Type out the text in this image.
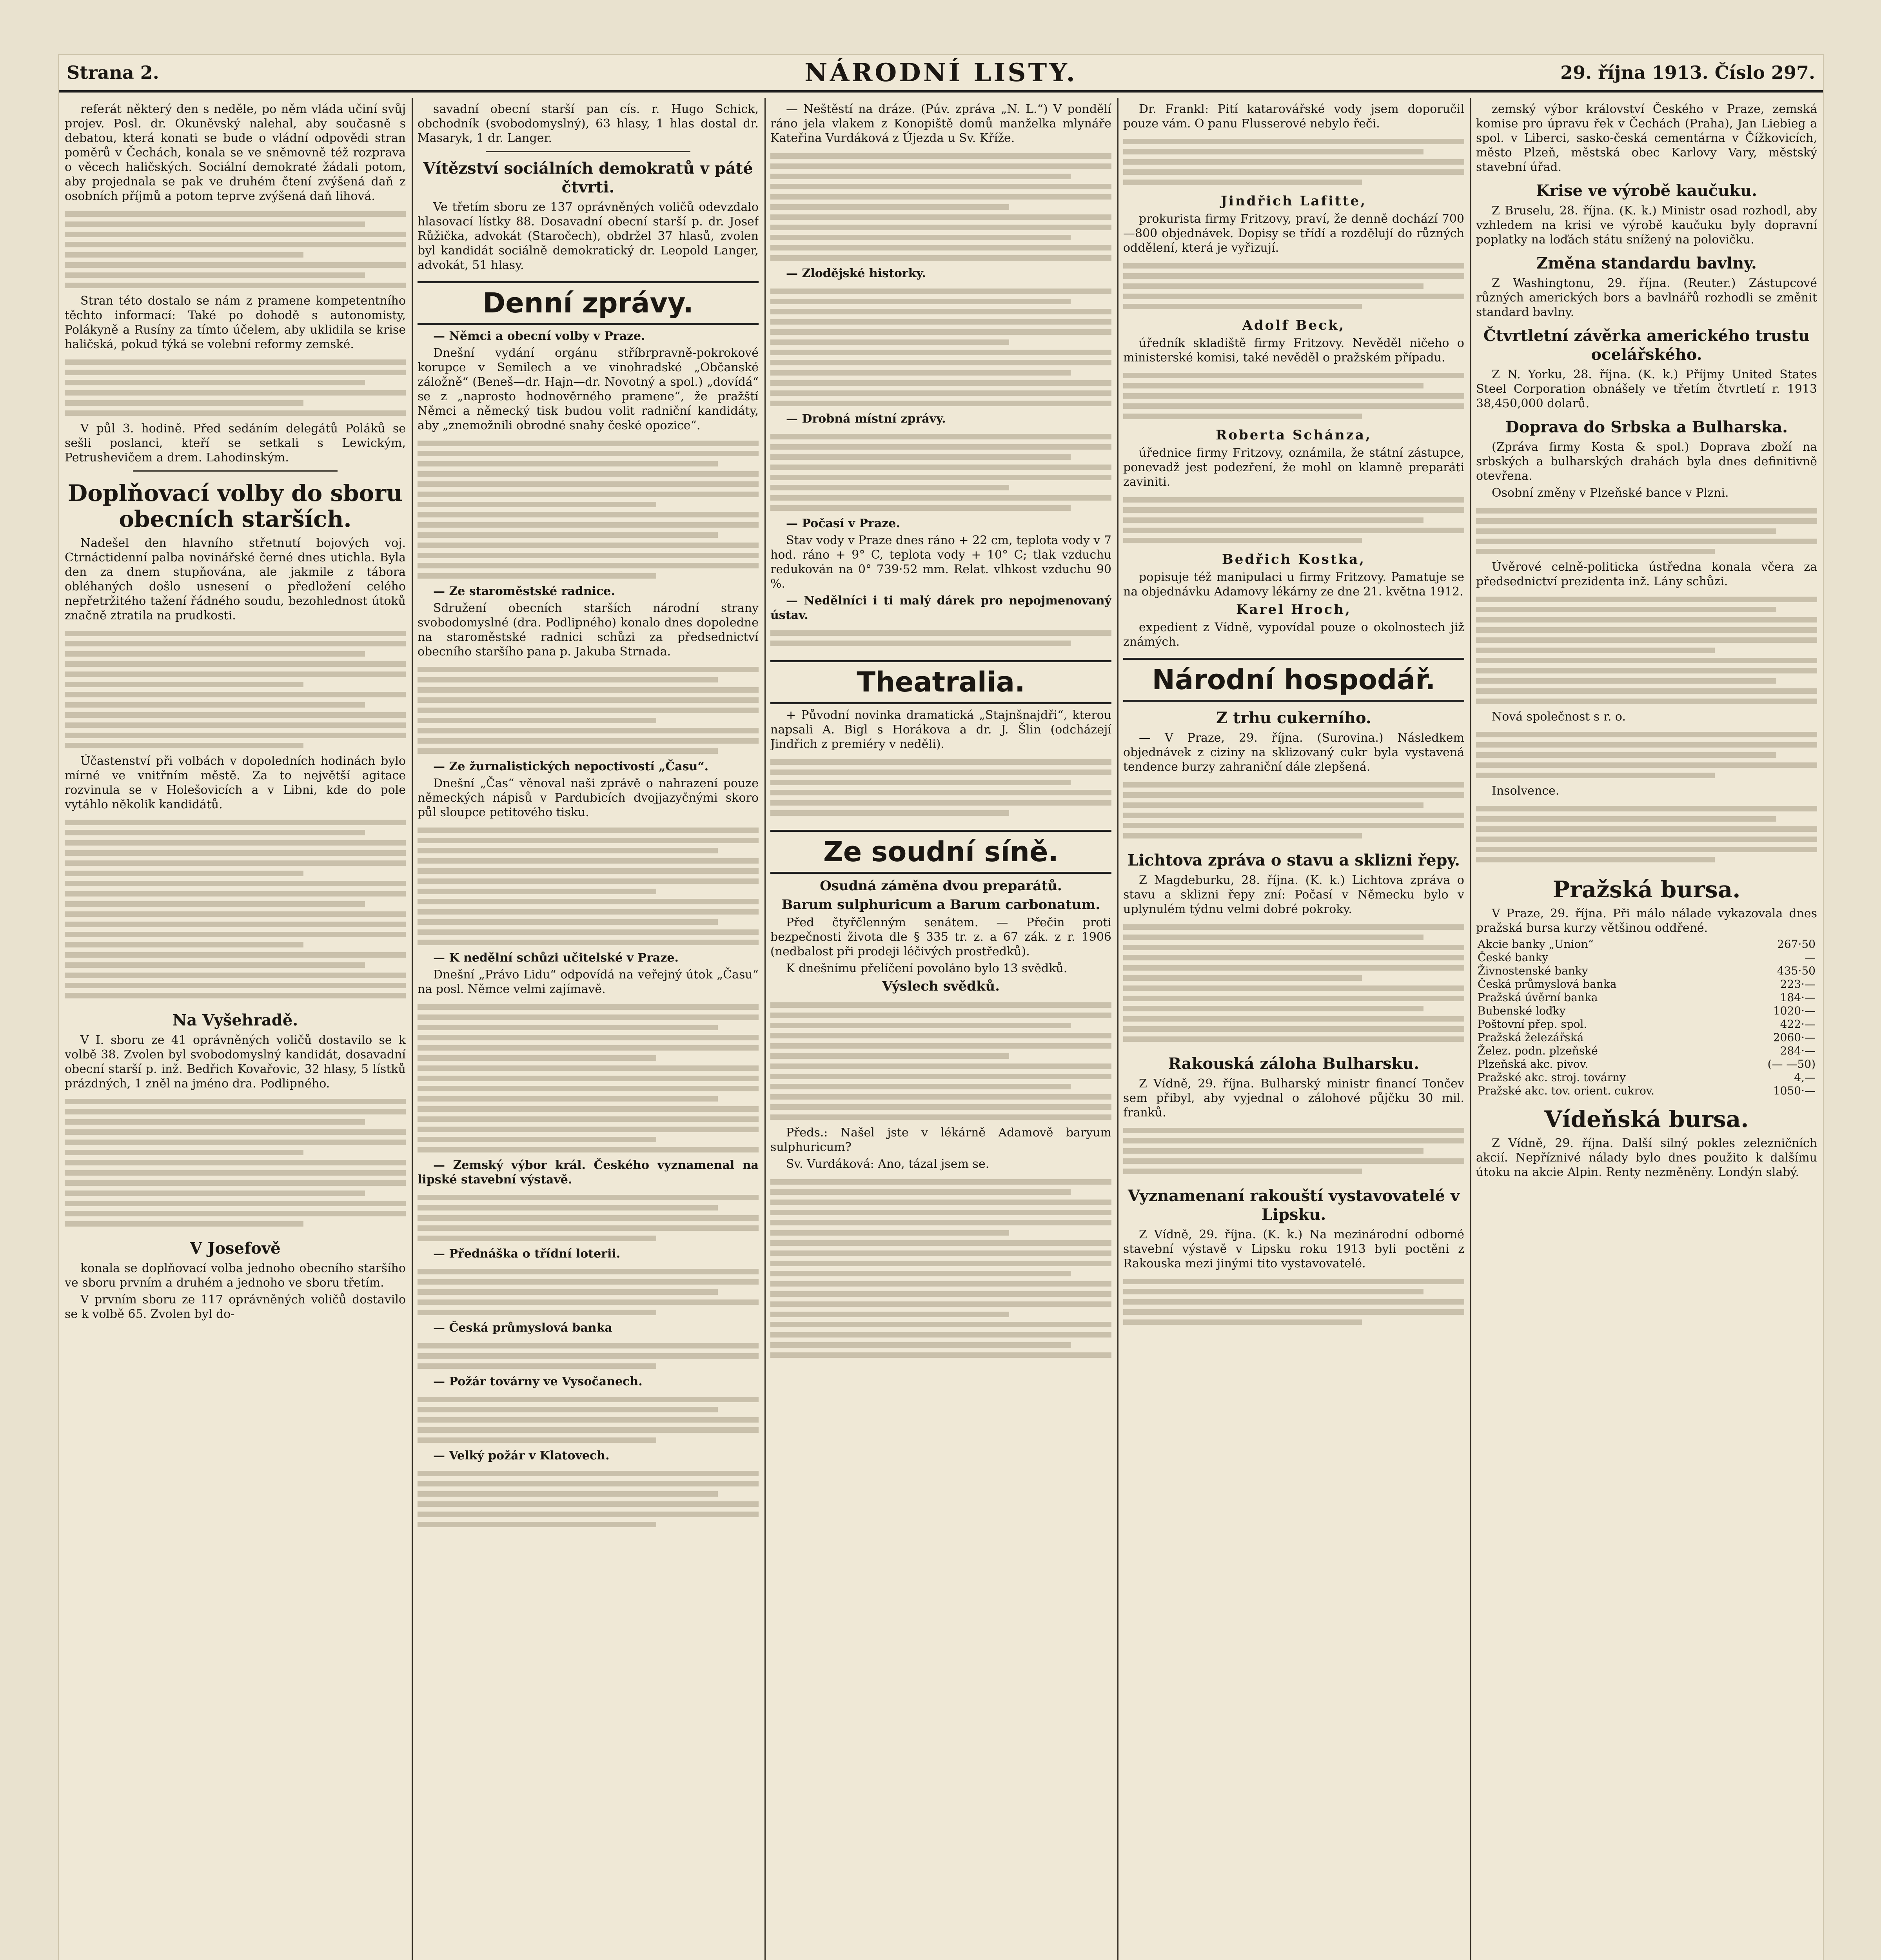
Strana 2.	NÁRODNÍ LISTY.	29. října 1913. Číslo 297.

referát některý den s neděle, po něm vláda učiní svůj projev. Posl. dr. Okuněvský nalehal, aby současně s debatou, která konati se bude o vládní odpovědi stran poměrů v Čechách, konala se ve sněmovně též rozprava o věcech haličských. Sociální demokraté žádali potom, aby projednala se pak ve druhém čtení zvýšená daň z osobních příjmů a potom teprve zvýšená daň lihová.

Stran této dostalo se nám z pramene kompetentního těchto informací: Také po dohodě s autonomisty, Polákyně a Rusíny za tímto účelem, aby uklidila se krise haličská, pokud týká se volební reformy zemské.

V půl 3. hodině. Před sedáním delegátů Poláků se sešli poslanci, kteří se setkali s Lewickým, Petrushevičem a drem. Lahodinským.

Doplňovací volby do sboru obecních starších.

Nadešel den hlavního střetnutí bojových voj. Ctrnáctidenní palba novinářské černé dnes utichla. Byla den za dnem stupňována, ale jakmile z tábora obléhaných došlo usnesení o předložení celého nepřetržitého tažení řádného soudu, bezohlednost útoků značně ztratila na prudkosti.

Účastenství při volbách v dopoledních hodinách bylo mírné ve vnitřním městě. Za to největší agitace rozvinula se v Holešovicích a v Libni, kde do pole vytáhlo několik kandidátů.

Na Vyšehradě.

V I. sboru ze 41 oprávněných voličů dostavilo se k volbě 38. Zvolen byl svobodomyslný kandidát, dosavadní obecní starší p. inž. Bedřich Kovařovic, 32 hlasy, 5 lístků prázdných, 1 zněl na jméno dra. Podlipného.

V Josefově

konala se doplňovací volba jednoho obecního staršího ve sboru prvním a druhém a jednoho ve sboru třetím.

V prvním sboru ze 117 oprávněných voličů dostavilo se k volbě 65. Zvolen byl do-

savadní obecní starší pan cís. r. Hugo Schick, obchodník (svobodomyslný), 63 hlasy, 1 hlas dostal dr. Masaryk, 1 dr. Langer.

Vítězství sociálních demokratů v páté čtvrti.

Ve třetím sboru ze 137 oprávněných voličů odevzdalo hlasovací lístky 88. Dosavadní obecní starší p. dr. Josef Růžička, advokát (Staročech), obdržel 37 hlasů, zvolen byl kandidát sociálně demokratický dr. Leopold Langer, advokát, 51 hlasy.

Denní zprávy.

— Němci a obecní volby v Praze.

Dnešní vydání orgánu stříbrpravně-pokrokové korupce v Semilech a ve vinohradské „Občanské záložně“ (Beneš—dr. Hajn—dr. Novotný a spol.) „dovídá“ se z „naprosto hodnověrného pramene“, že pražští Němci a německý tisk budou volit radniční kandidáty, aby „znemožnili obrodné snahy české opozice“.

— Ze staroměstské radnice.

Sdružení obecních starších národní strany svobodomyslné (dra. Podlipného) konalo dnes dopoledne na staroměstské radnici schůzi za předsednictví obecního staršího pana p. Jakuba Strnada.

— Ze žurnalistických nepoctivostí „Času“.

Dnešní „Čas“ věnoval naši zprávě o nahrazení pouze německých nápisů v Pardubicích dvojjazyčnými skoro půl sloupce petitového tisku.

— K nedělní schůzi učitelské v Praze.

Dnešní „Právo Lidu“ odpovídá na veřejný útok „Času“ na posl. Němce velmi zajímavě.

— Zemský výbor král. Českého vyznamenal na lipské stavební výstavě.

— Přednáška o třídní loterii.

— Česká průmyslová banka

— Požár továrny ve Vysočanech.

— Velký požár v Klatovech.

— Neštěstí na dráze. (Púv. zpráva „N. L.“) V pondělí ráno jela vlakem z Konopiště domů manželka mlynáře Kateřina Vurdáková z Újezda u Sv. Kříže.

— Zlodějské historky.

— Drobná místní zprávy.

— Počasí v Praze.

Stav vody v Praze dnes ráno + 22 cm, teplota vody v 7 hod. ráno + 9° C, teplota vody + 10° C; tlak vzduchu redukován na 0° 739·52 mm. Relat. vlhkost vzduchu 90 %.

— Nedělníci i ti malý dárek pro nepojmenovaný ústav.

Theatralia.

+ Původní novinka dramatická „Stajnšnajdři“, kterou napsali A. Bigl s Horákova a dr. J. Šlin (odcházejí Jindřich z premiéry v neděli).

Ze soudní síně.
Osudná záměna dvou preparátů.
Barum sulphuricum a Barum carbonatum.

Před čtyřčlenným senátem. — Přečin proti bezpečnosti života dle § 335 tr. z. a 67 zák. z r. 1906 (nedbalost při prodeji léčivých prostředků).

K dnešnímu přelíčení povoláno bylo 13 svědků.

Výslech svědků.

Předs.: Našel jste v lékárně Adamově baryum sulphuricum?

Sv. Vurdáková: Ano, tázal jsem se.

Dr. Frankl: Pití katarovářské vody jsem doporučil pouze vám. O panu Flusserové nebylo řeči.

Jindřich Lafitte,

prokurista firmy Fritzovy, praví, že denně dochází 700—800 objednávek. Dopisy se třídí a rozdělují do různých oddělení, která je vyřizují.

Adolf Beck,

úředník skladiště firmy Fritzovy. Nevěděl ničeho o ministerské komisi, také nevěděl o pražském případu.

Roberta Schánza,

úřednice firmy Fritzovy, oznámila, že státní zástupce, ponevadž jest podezření, že mohl on klamně preparáti zaviniti.

Bedřich Kostka,

popisuje též manipulaci u firmy Fritzovy. Pamatuje se na objednávku Adamovy lékárny ze dne 21. května 1912.

Karel Hroch,

expedient z Vídně, vypovídal pouze o okolnostech již známých.

Národní hospodář.
Z trhu cukerního.

— V Praze, 29. října. (Surovina.) Následkem objednávek z ciziny na sklizovaný cukr byla vystavená tendence burzy zahraniční dále zlepšená.

Lichtova zpráva o stavu a sklizni řepy.

Z Magdeburku, 28. října. (K. k.) Lichtova zpráva o stavu a sklizni řepy zní: Počasí v Německu bylo v uplynulém týdnu velmi dobré pokroky.

Rakouská záloha Bulharsku.

Z Vídně, 29. října. Bulharský ministr financí Tončev sem přibyl, aby vyjednal o zálohové půjčku 30 mil. franků.

Vyznamenaní rakouští vystavovatelé v Lipsku.

Z Vídně, 29. října. (K. k.) Na mezinárodní odborné stavební výstavě v Lipsku roku 1913 byli poctěni z Rakouska mezi jinými tito vystavovatelé.

zemský výbor království Českého v Praze, zemská komise pro úpravu řek v Čechách (Praha), Jan Liebieg a spol. v Liberci, sasko-česká cementárna v Čížkovicích, město Plzeň, městská obec Karlovy Vary, městský stavební úřad.

Krise ve výrobě kaučuku.

Z Bruselu, 28. října. (K. k.) Ministr osad rozhodl, aby vzhledem na krisi ve výrobě kaučuku byly dopravní poplatky na loďách státu snížený na polovičku.

Změna standardu bavlny.

Z Washingtonu, 29. října. (Reuter.) Zástupcové různých amerických bors a bavlnářů rozhodli se změnit standard bavlny.

Čtvrtletní závěrka amerického trustu ocelářského.

Z N. Yorku, 28. října. (K. k.) Příjmy United States Steel Corporation obnášely ve třetím čtvrtletí r. 1913 38,450,000 dolarů.

Doprava do Srbska a Bulharska.

(Zpráva firmy Kosta & spol.) Doprava zboží na srbských a bulharských drahách byla dnes definitivně otevřena.

Osobní změny v Plzeňské bance v Plzni.

Úvěrové celně-politicka ústředna konala včera za předsednictví prezidenta inž. Lány schůzi.

Nová společnost s r. o.

Insolvence.

Pražská bursa.

V Praze, 29. října. Při málo nálade vykazovala dnes pražská bursa kurzy většinou oddřené.

Akcie banky „Union“	267·50
České banky	—
Živnostenské banky	435·50
Česká průmyslová banka	223·—
Pražská úvěrní banka	184·—
Bubenské loďky	1020·—
Poštovní přep. spol.	422·—
Pražská železářská	2060·—
Želez. podn. plzeňské	284·—
Plzeňská akc. pivov.	(— —50)
Pražské akc. stroj. továrny	4,—
Pražské akc. tov. orient. cukrov.	1050·—
Vídeňská bursa.

Z Vídně, 29. října. Další silný pokles zelezničních akcií. Nepříznivé nálady bylo dnes použito k dalšímu útoku na akcie Alpin. Renty nezměněny. Londýn slabý.
